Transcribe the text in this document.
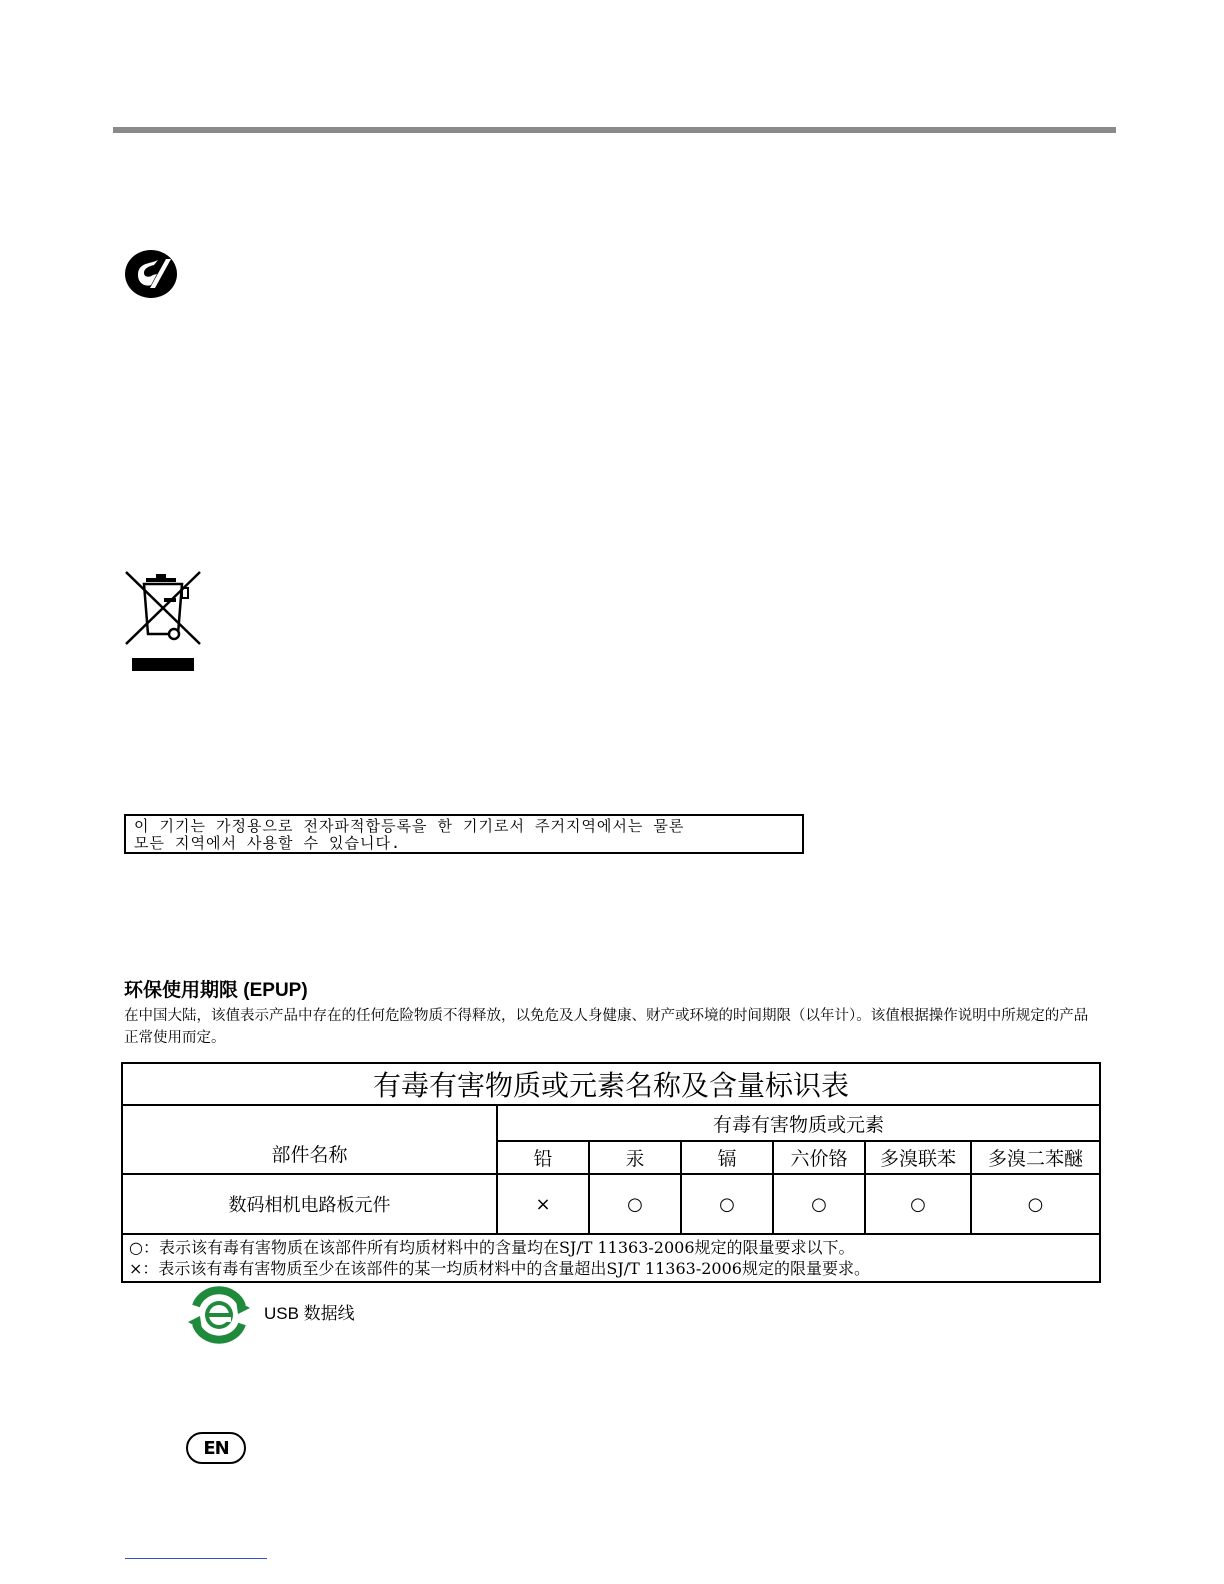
이 기기는 가정용으로 전자파적합등록을 한 기기로서 주거지역에서는 물론
모든 지역에서 사용할 수 있습니다.
环保使用期限 (EPUP)
在中国大陆，该值表示产品中存在的任何危险物质不得释放，以免危及人身健康、财产或环境的时间期限（以年计）。该值根据操作说明中所规定的产品正常使用而定。
有毒有害物质或元素名称及含量标识表						
部件名称	有毒有害物质或元素					
	铅	汞	镉	六价铬	多溴联苯	多溴二苯醚
数码相机电路板元件	×	○	○	○	○	○

○：表示该有毒有害物质在该部件所有均质材料中的含量均在SJ/T 11363-2006规定的限量要求以下。
×：表示该有毒有害物质至少在该部件的某一均质材料中的含量超出SJ/T 11363-2006规定的限量要求。						
USB 数据线
EN
